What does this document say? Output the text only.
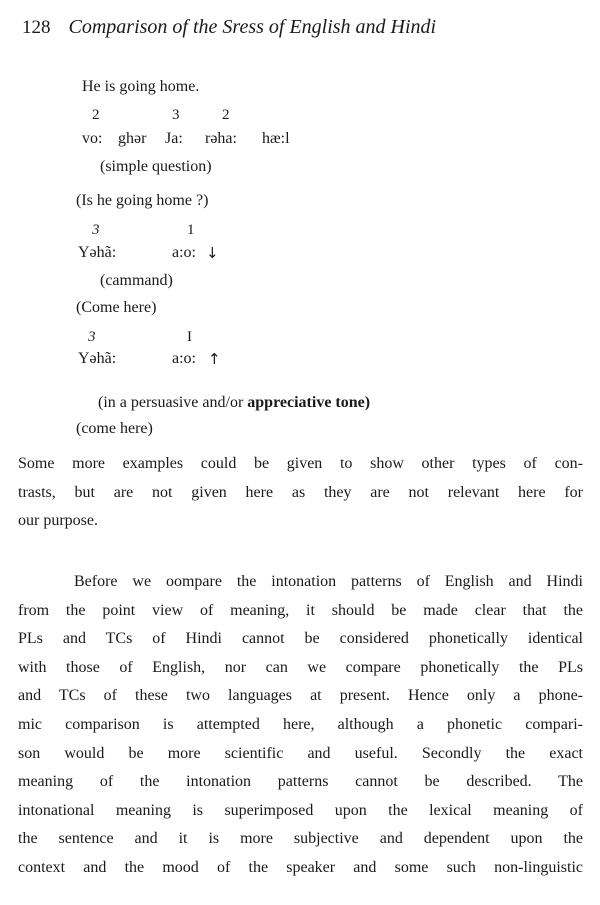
128 Comparison of the Sress of English and Hindi
He is going home.
2	3	2
vo: ghər Ja: rəha: hæ:l
(simple question)
(Is he going home ?)
3	1
Yəhã:	a:o: ↓
(cammand)
(Come here)
3	I
Yəhã:	a:o: ↑
(in a persuasive and/or appreciative tone)
(come here)

Some more examples could be given to show other types of con-

trasts, but are not given here as they are not relevant here for

our purpose.

Before we oompare the intonation patterns of English and Hindi

from the point view of meaning, it should be made clear that the

PLs and TCs of Hindi cannot be considered phonetically identical

with those of English, nor can we compare phonetically the PLs

and TCs of these two languages at present. Hence only a phone-

mic comparison is attempted here, although a phonetic compari-

son would be more scientific and useful. Secondly the exact

meaning of the intonation patterns cannot be described. The

intonational meaning is superimposed upon the lexical meaning of

the sentence and it is more subjective and dependent upon the

context and the mood of the speaker and some such non-linguistic
